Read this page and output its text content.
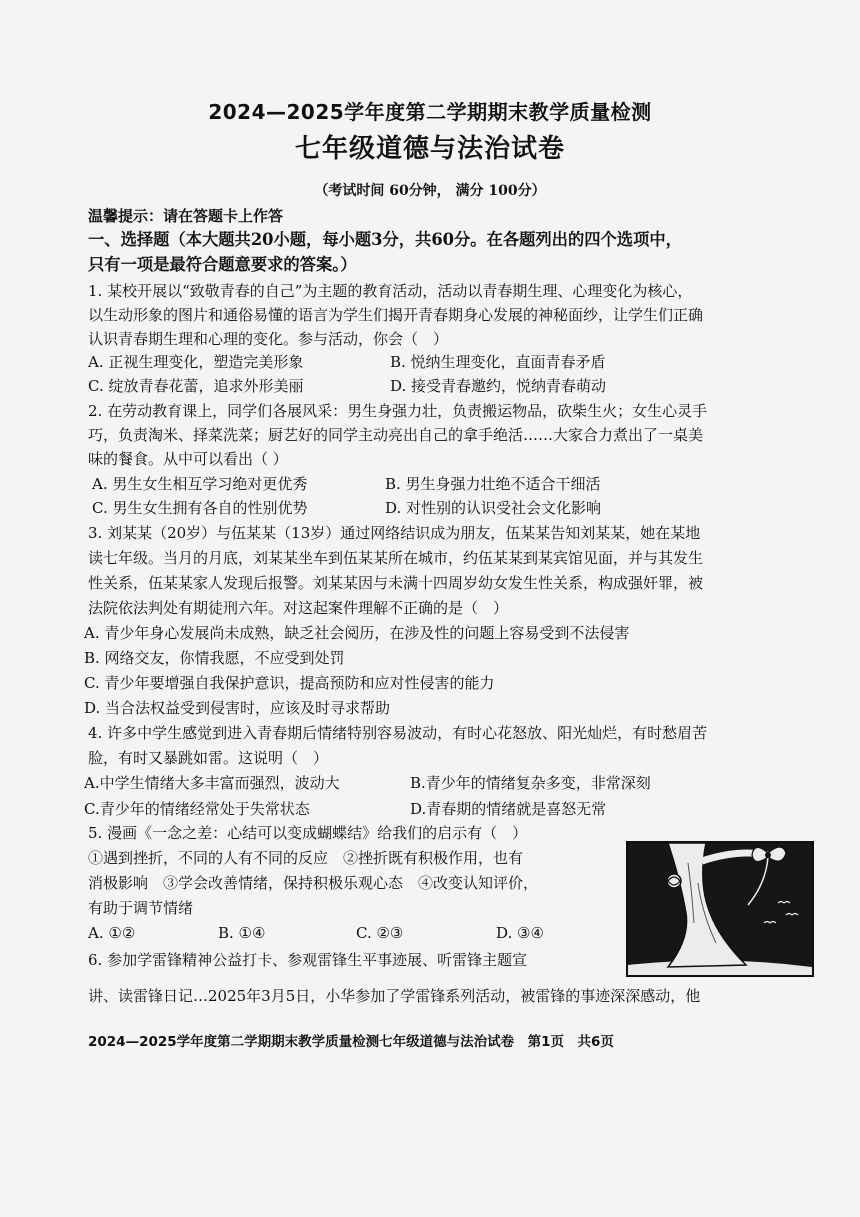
2024—2025学年度第二学期期末教学质量检测
七年级道德与法治试卷
（考试时间 60分钟， 满分 100分）
温馨提示：请在答题卡上作答
一、选择题（本大题共20小题，每小题3分，共60分。在各题列出的四个选项中，
只有一项是最符合题意要求的答案。）
1. 某校开展以“致敬青春的自己”为主题的教育活动，活动以青春期生理、心理变化为核心，
以生动形象的图片和通俗易懂的语言为学生们揭开青春期身心发展的神秘面纱，让学生们正确
认识青春期生理和心理的变化。参与活动，你会（　）
A. 正视生理变化，塑造完美形象	B. 悦纳生理变化，直面青春矛盾
C. 绽放青春花蕾，追求外形美丽	D. 接受青春邀约，悦纳青春萌动
2. 在劳动教育课上，同学们各展风采：男生身强力壮，负责搬运物品，砍柴生火；女生心灵手
巧，负责淘米、择菜洗菜；厨艺好的同学主动亮出自己的拿手绝活……大家合力煮出了一桌美
味的餐食。从中可以看出（ ）
A. 男生女生相互学习绝对更优秀	B. 男生身强力壮绝不适合干细活
C. 男生女生拥有各自的性别优势	D. 对性别的认识受社会文化影响
3. 刘某某（20岁）与伍某某（13岁）通过网络结识成为朋友，伍某某告知刘某某，她在某地
读七年级。当月的月底，刘某某坐车到伍某某所在城市，约伍某某到某宾馆见面，并与其发生
性关系，伍某某家人发现后报警。刘某某因与未满十四周岁幼女发生性关系，构成强奸罪，被
法院依法判处有期徒刑六年。对这起案件理解不正确的是（　）
A. 青少年身心发展尚未成熟，缺乏社会阅历，在涉及性的问题上容易受到不法侵害
B. 网络交友，你情我愿，不应受到处罚
C. 青少年要增强自我保护意识，提高预防和应对性侵害的能力
D. 当合法权益受到侵害时，应该及时寻求帮助
4. 许多中学生感觉到进入青春期后情绪特别容易波动，有时心花怒放、阳光灿烂，有时愁眉苦
脸，有时又暴跳如雷。这说明（　）
A.中学生情绪大多丰富而强烈，波动大	B.青少年的情绪复杂多变，非常深刻
C.青少年的情绪经常处于失常状态	D.青春期的情绪就是喜怒无常
5. 漫画《一念之差：心结可以变成蝴蝶结》给我们的启示有（　）
①遇到挫折，不同的人有不同的反应　②挫折既有积极作用，也有
消极影响　③学会改善情绪，保持积极乐观心态　④改变认知评价，
有助于调节情绪
A. ①②	B. ①④	C. ②③	D. ③④
6. 参加学雷锋精神公益打卡、参观雷锋生平事迹展、听雷锋主题宣
讲、读雷锋日记…2025年3月5日，小华参加了学雷锋系列活动，被雷锋的事迹深深感动，他
2024—2025学年度第二学期期末教学质量检测七年级道德与法治试卷　第1页　共6页
